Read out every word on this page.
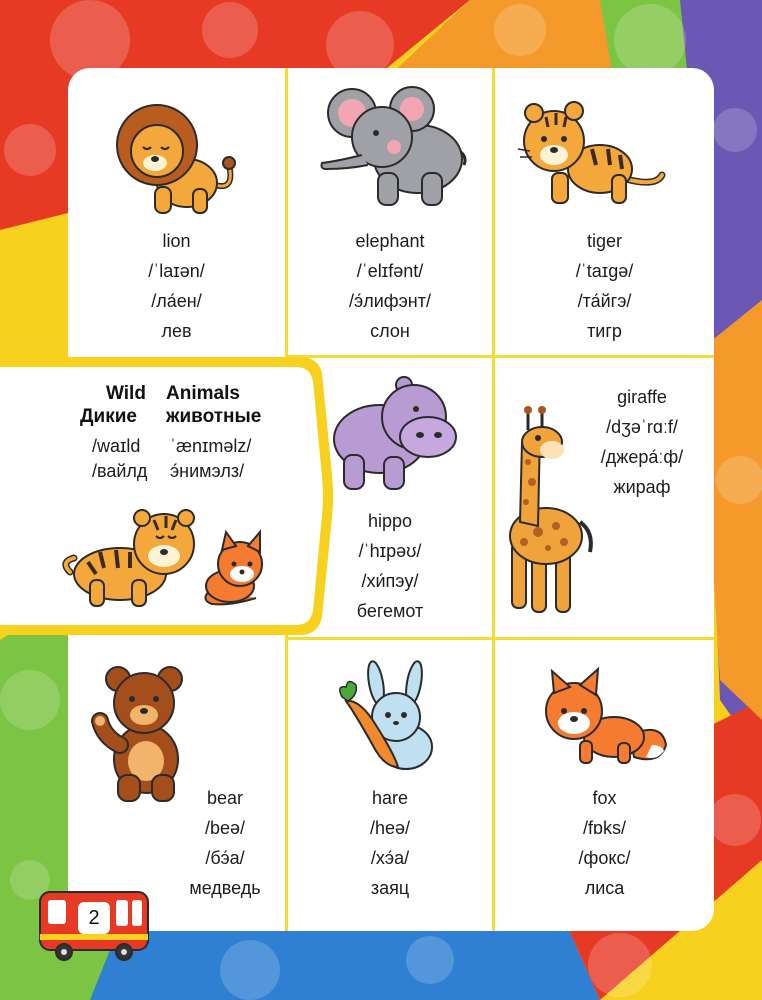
Wild Animals
Дикие животные
/waɪld ˈænɪməlz/
/вайлд э́нимэлз/
lion
/ˈlaɪən/
/ла́ен/
лев
elephant
/ˈelɪfənt/
/э́лифэнт/
слон
tiger
/ˈtaɪɡə/
/та́йгэ/
тигр
hippo
/ˈhɪpəʊ/
/хи́пэу/
бегемот
giraffe
/dʒəˈrɑːf/
/джера́ːф/
жираф
bear
/beə/
/бэ́а/
медведь
hare
/heə/
/хэ́а/
заяц
fox
/fɒks/
/фокс/
лиса
2
